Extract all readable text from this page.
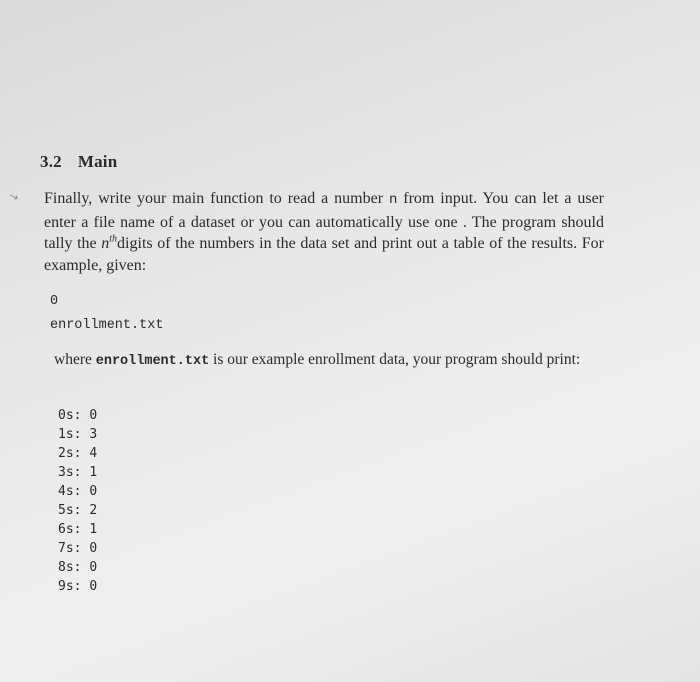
↘
3.2 Main
Finally, write your main function to read a number n from input. You can let a user enter a file name of a dataset or you can automatically use one . The program should tally the $n^{th}digits$ of the numbers in the data set and print out a table of the results. For example, given:
0
enrollment.txt
where enrollment.txt is our example enrollment data, your program should print:
0s: 0
1s: 3
2s: 4
3s: 1
4s: 0
5s: 2
6s: 1
7s: 0
8s: 0
9s: 0
